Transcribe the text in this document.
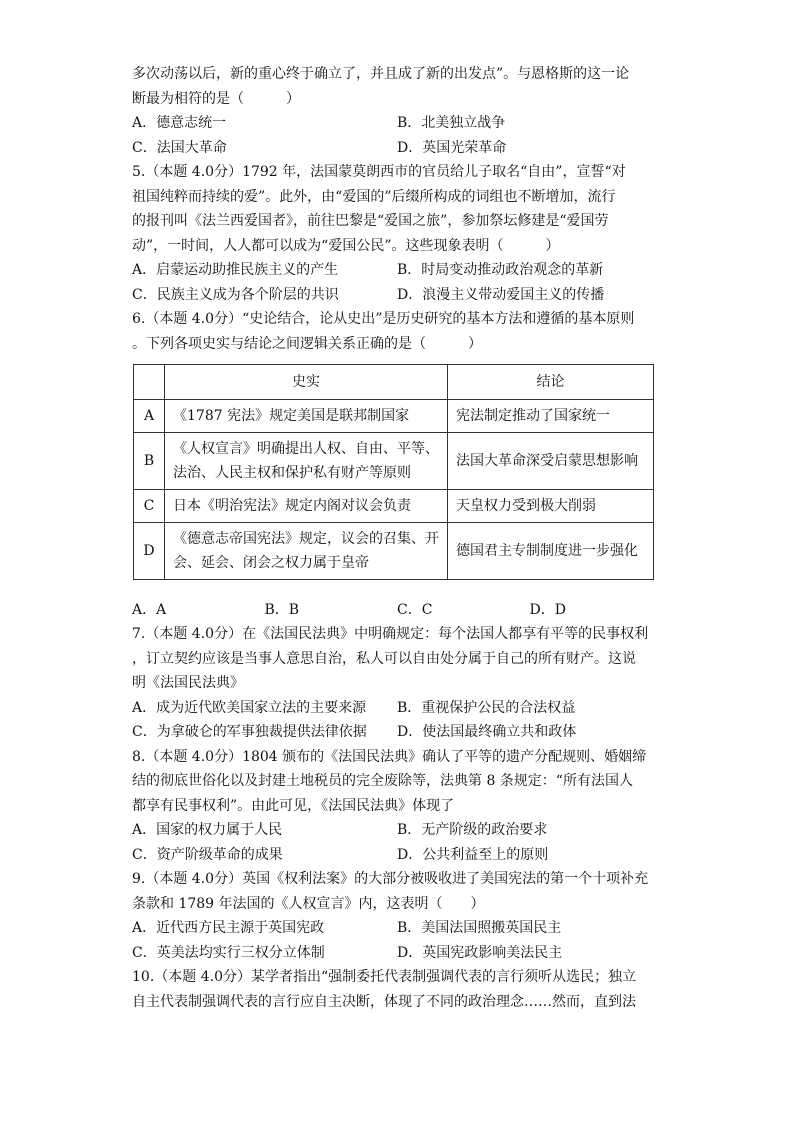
多次动荡以后，新的重心终于确立了，并且成了新的出发点”。与恩格斯的这一论
断最为相符的是（　　　）
A．德意志统一	B．北美独立战争
C．法国大革命	D．英国光荣革命
5.（本题 4.0分）1792 年，法国蒙莫朗西市的官员给儿子取名“自由”，宣誓“对
祖国纯粹而持续的爱”。此外，由“爱国的”后缀所构成的词组也不断增加，流行
的报刊叫《法兰西爱国者》，前往巴黎是“爱国之旅”，参加祭坛修建是“爱国劳
动”，一时间，人人都可以成为“爱国公民”。这些现象表明（　　　）
A．启蒙运动助推民族主义的产生	B．时局变动推动政治观念的革新
C．民族主义成为各个阶层的共识	D．浪漫主义带动爱国主义的传播
6.（本题 4.0分）“史论结合，论从史出”是历史研究的基本方法和遵循的基本原则
。下列各项史实与结论之间逻辑关系正确的是（　　　）
	史实	结论
A	《1787 宪法》规定美国是联邦制国家	宪法制定推动了国家统一
B	《人权宣言》明确提出人权、自由、平等、法治、人民主权和保护私有财产等原则	法国大革命深受启蒙思想影响
C	日本《明治宪法》规定内阁对议会负责	天皇权力受到极大削弱
D	《德意志帝国宪法》规定，议会的召集、开会、延会、闭会之权力属于皇帝	德国君主专制制度进一步强化
A．A	B．B	C．C	D．D
7.（本题 4.0分）在《法国民法典》中明确规定：每个法国人都享有平等的民事权利
，订立契约应该是当事人意思自治，私人可以自由处分属于自己的所有财产。这说
明《法国民法典》
A．成为近代欧美国家立法的主要来源	B．重视保护公民的合法权益
C．为拿破仑的军事独裁提供法律依据	D．使法国最终确立共和政体
8.（本题 4.0分）1804 颁布的《法国民法典》确认了平等的遗产分配规则、婚姻缔
结的彻底世俗化以及封建土地税员的完全废除等，法典第 8 条规定：“所有法国人
都享有民事权利”。由此可见，《法国民法典》体现了
A．国家的权力属于人民	B．无产阶级的政治要求
C．资产阶级革命的成果	D．公共利益至上的原则
9.（本题 4.0分）英国《权利法案》的大部分被吸收进了美国宪法的第一个十项补充
条款和 1789 年法国的《人权宣言》内，这表明（　　）
A．近代西方民主源于英国宪政	B．美国法国照搬英国民主
C．英美法均实行三权分立体制	D．英国宪政影响美法民主
10.（本题 4.0分）某学者指出“强制委托代表制强调代表的言行须听从选民；独立
自主代表制强调代表的言行应自主决断，体现了不同的政治理念……然而，直到法
